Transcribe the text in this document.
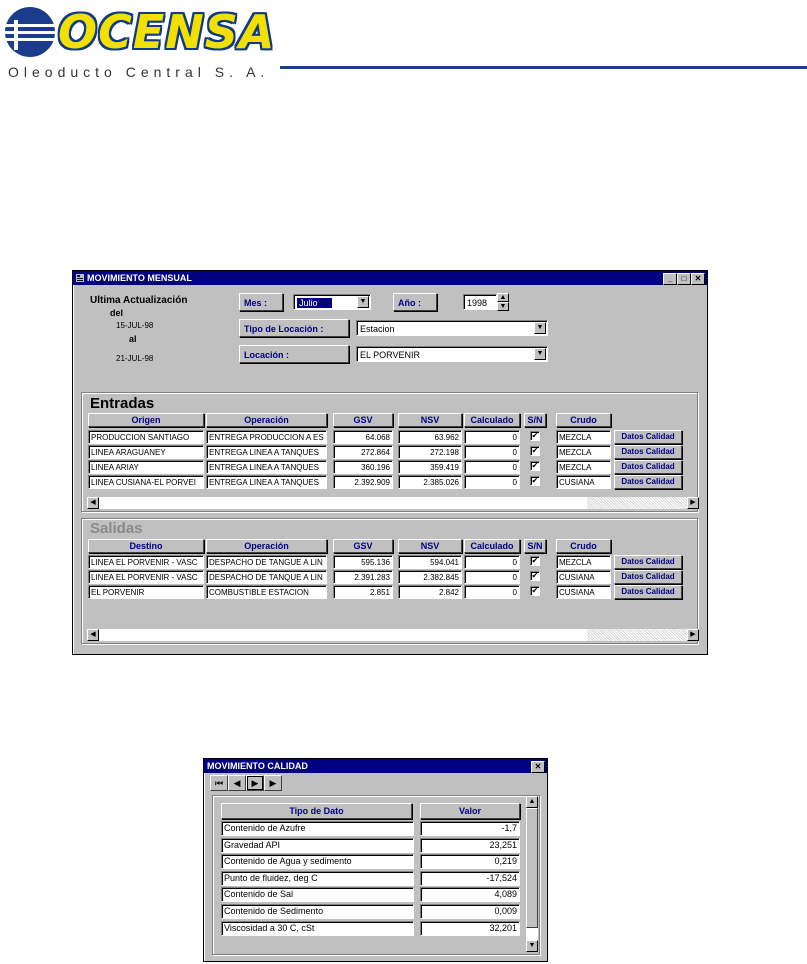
OCENSA
Oleoducto Central S. A.
MOVIMIENTO MENSUAL	_	□	✕
Ultima Actualización
del
15-JUL-98
al
21-JUL-98
Mes :	Julio	▼	Año :	1998
▲
▼
Tipo de Locación :	Estacion	▼
Locación :	EL PORVENIR	▼
Entradas
◀	▶
Salidas
◀	▶
Origen	Operación	GSV	NSV	Calculado	S/N	Crudo
PRODUCCION SANTIAGO	ENTREGA PRODUCCION A ES	64.068	63.962	0	✔	MEZCLA	Datos Calidad
LINEA ARAGUANEY	ENTREGA LINEA A TANQUES	272.864	272.198	0	✔	MEZCLA	Datos Calidad
LINEA ARIAY	ENTREGA LINEA A TANQUES	360.196	359.419	0	✔	MEZCLA	Datos Calidad
LINEA CUSIANA-EL PORVEI	ENTREGA LINEA A TANQUES	2.392.909	2.385.026	0	✔	CUSIANA	Datos Calidad
Destino	Operación	GSV	NSV	Calculado	S/N	Crudo
LINEA EL PORVENIR - VASC	DESPACHO DE TANGUE A LIN	595.136	594.041	0	✔	MEZCLA	Datos Calidad
LINEA EL PORVENIR - VASC	DESPACHO DE TANQUE A LIN	2.391.283	2.382.845	0	✔	CUSIANA	Datos Calidad
EL PORVENIR	COMBUSTIBLE ESTACION	2.851	2.842	0	✔	CUSIANA	Datos Calidad
MOVIMIENTO CALIDAD	✕
⏮	◀	▶	▶
▲
▼
Tipo de Dato	Valor
Contenido de Azufre	-1,7
Gravedad API	23,251
Contenido de Agua y sedimento	0,219
Punto de fluidez, deg C	-17,524
Contenido de Sal	4,089
Contenido de Sedimento	0,009
Viscosidad a 30 C, cSt	32,201
